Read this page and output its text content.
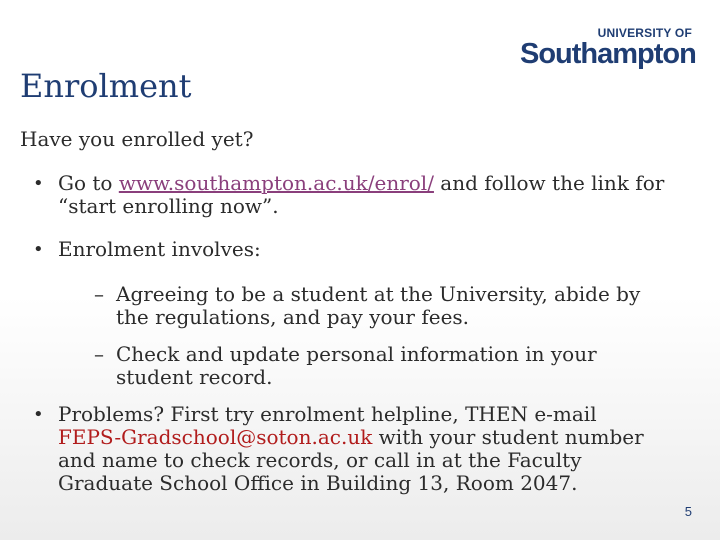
UNIVERSITY OF
Southampton
Enrolment

Have you enrolled yet?

• Go to www.southampton.ac.uk/enrol/ and follow the link for “start enrolling now”.
• Enrolment involves:
– Agreeing to be a student at the University, abide by the regulations, and pay your fees.
– Check and update personal information in your student record.
• Problems? First try enrolment helpline, THEN e-mail FEPS-Gradschool@soton.ac.uk with your student number and name to check records, or call in at the Faculty Graduate School Office in Building 13, Room 2047.
5
